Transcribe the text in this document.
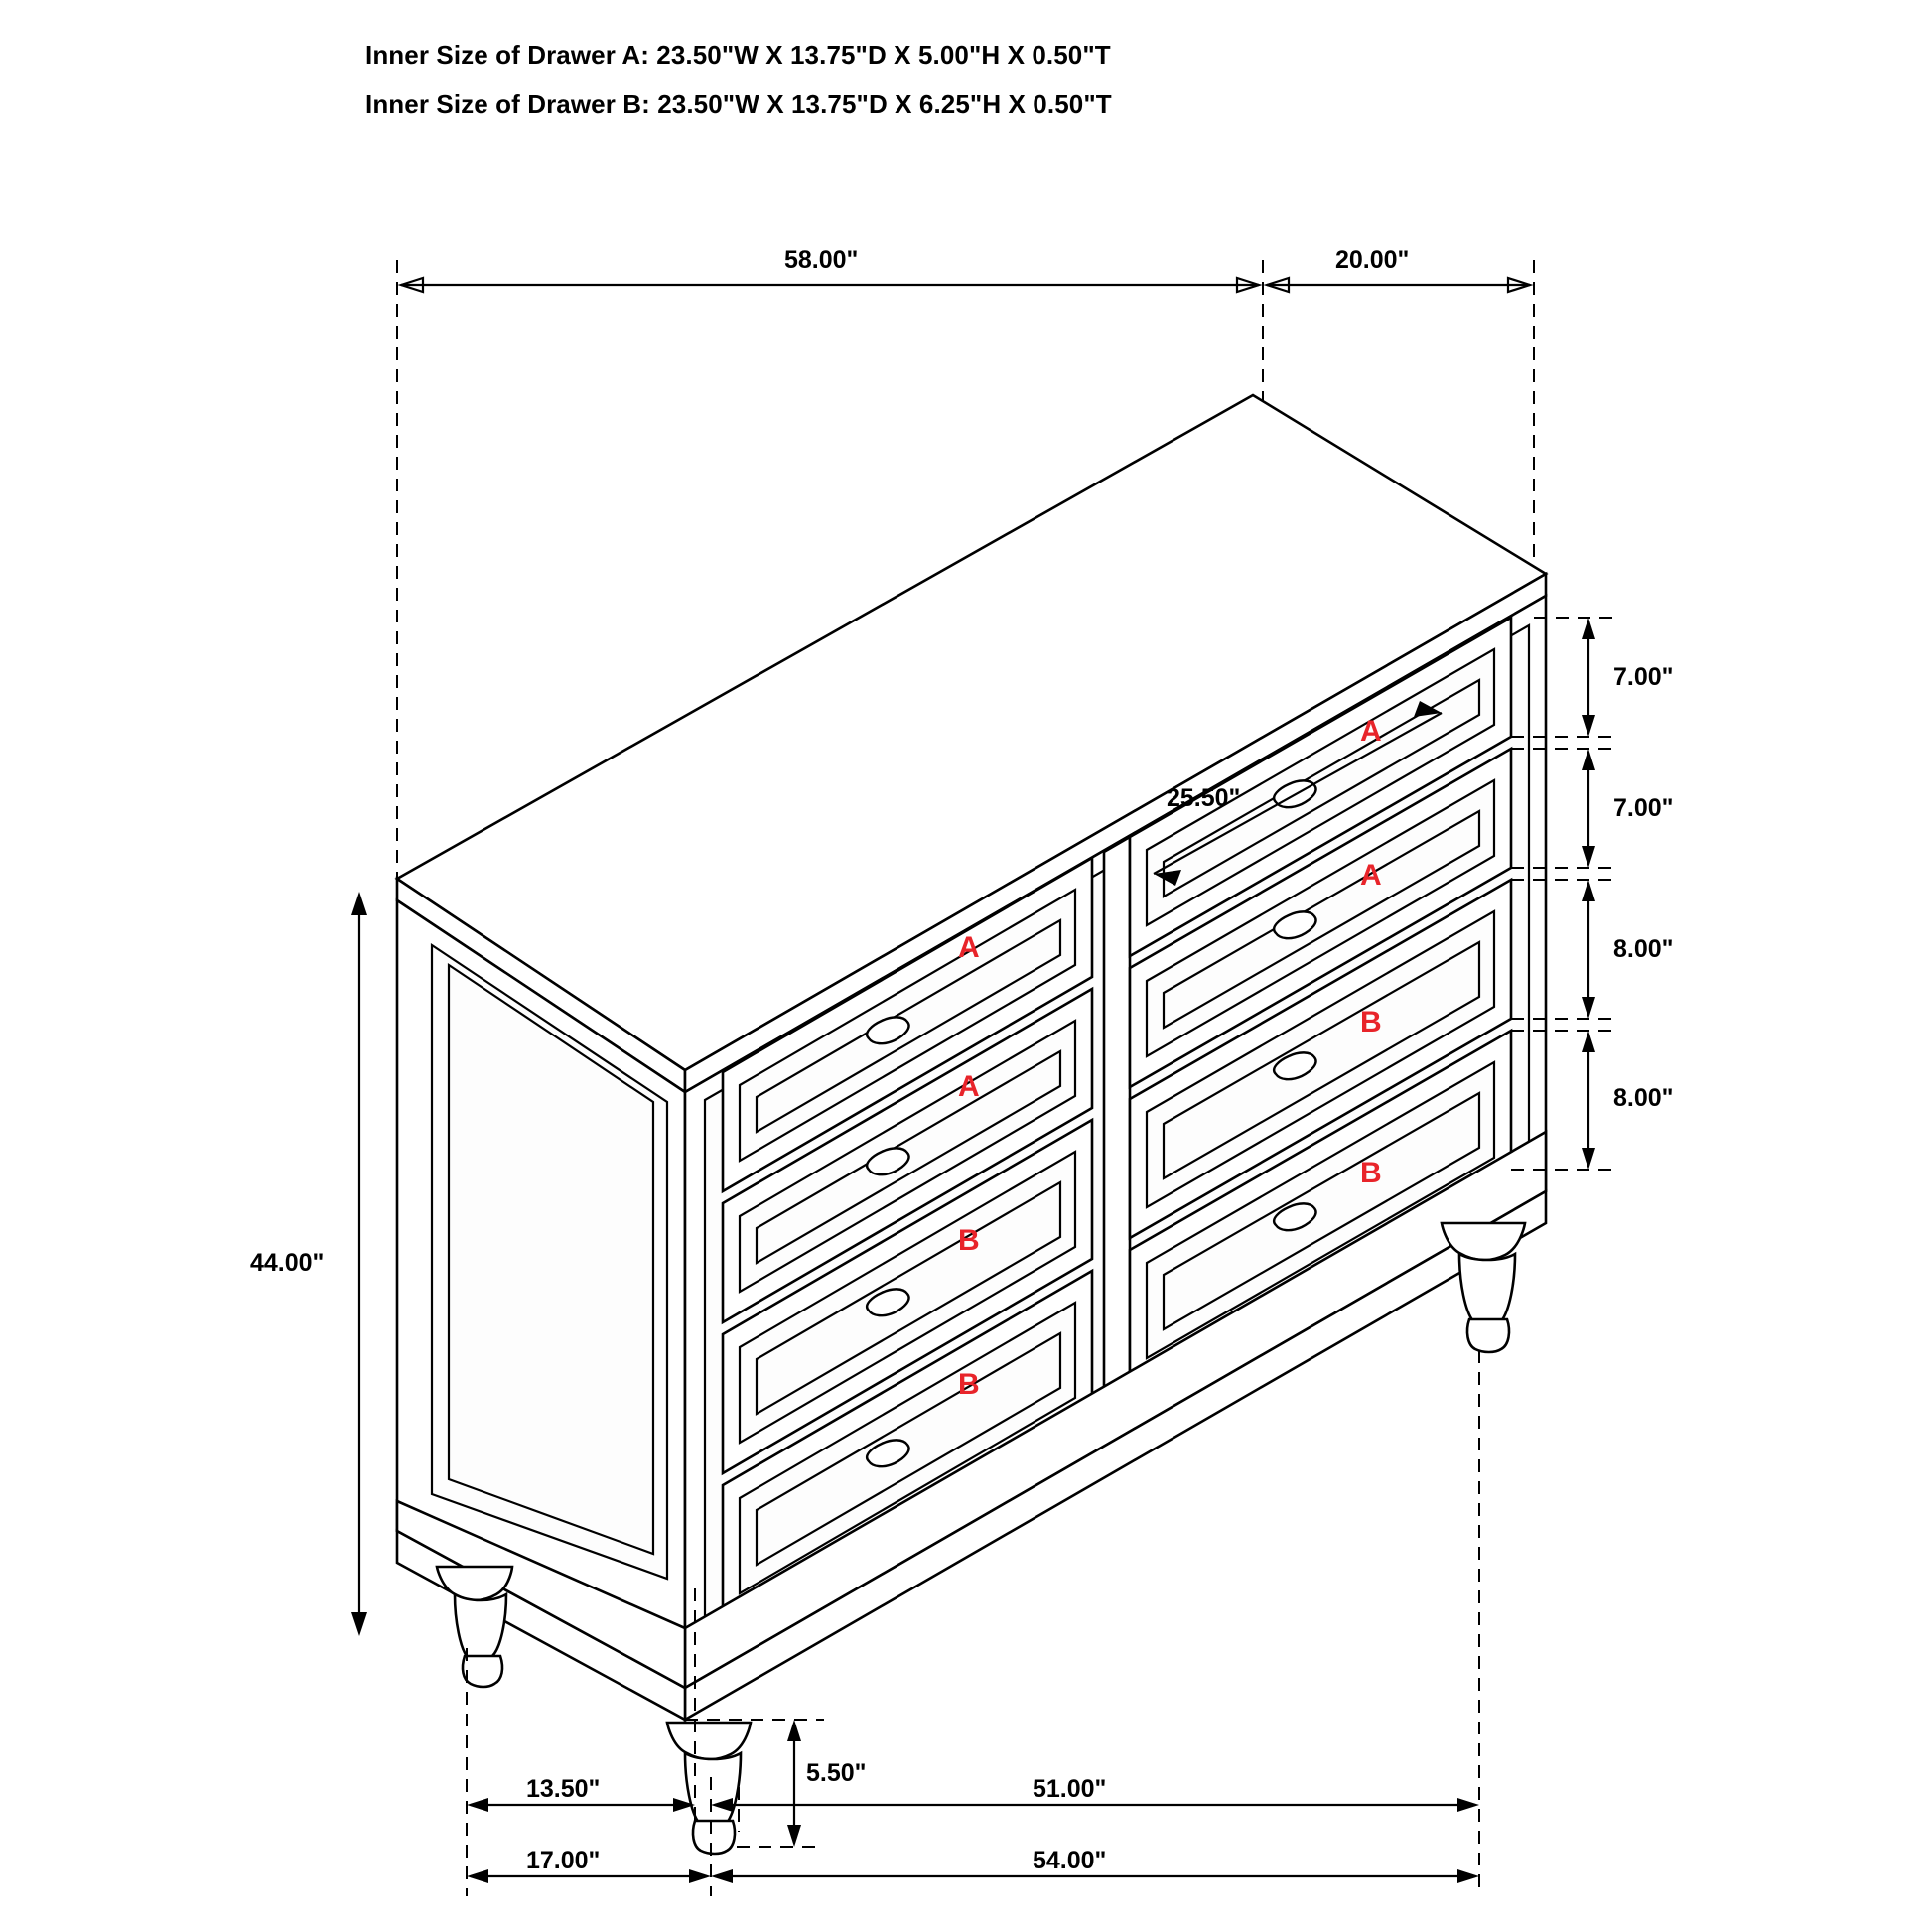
Inner Size of Drawer A: 23.50"W X 13.75"D X 5.00"H X 0.50"T
Inner Size of Drawer B: 23.50"W X 13.75"D X 6.25"H X 0.50"T
58.00"	20.00"
44.00"
7.00"
7.00"
8.00"
8.00"
25.50"
5.50"
13.50"	51.00"
17.00"	54.00"
A
A
B
B
A
A
B
B
